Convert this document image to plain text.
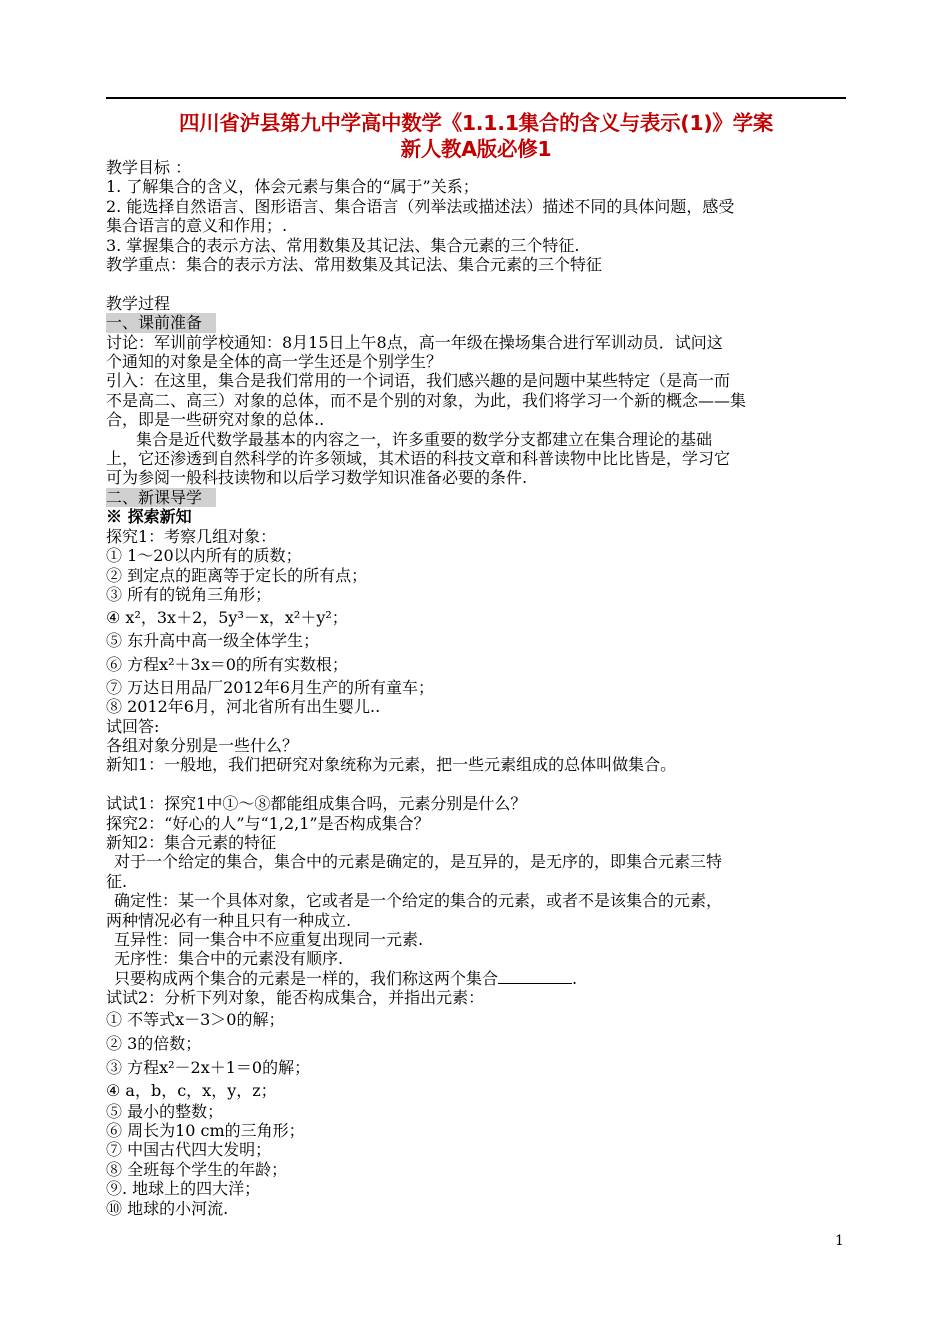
四川省泸县第九中学高中数学《1.1.1集合的含义与表示(1)》学案
新人教A版必修1
教学目标 ：
1. 了解集合的含义，体会元素与集合的“属于”关系；
2. 能选择自然语言、图形语言、集合语言（列举法或描述法）描述不同的具体问题，感受
集合语言的意义和作用；.
3. 掌握集合的表示方法、常用数集及其记法、集合元素的三个特征.
教学重点：集合的表示方法、常用数集及其记法、集合元素的三个特征
教学过程
一、课前准备
讨论：军训前学校通知：8月15日上午8点，高一年级在操场集合进行军训动员．试问这
个通知的对象是全体的高一学生还是个别学生？
引入：在这里，集合是我们常用的一个词语，我们感兴趣的是问题中某些特定（是高一而
不是高二、高三）对象的总体，而不是个别的对象，为此，我们将学习一个新的概念——集
合，即是一些研究对象的总体..
集合是近代数学最基本的内容之一，许多重要的数学分支都建立在集合理论的基础
上，它还渗透到自然科学的许多领域，其术语的科技文章和科普读物中比比皆是，学习它
可为参阅一般科技读物和以后学习数学知识准备必要的条件.
二、新课导学
※ 探索新知
探究1：考察几组对象：
① 1～20以内所有的质数；
② 到定点的距离等于定长的所有点；
③ 所有的锐角三角形；
④ x²，3x＋2，5y³－x，x²＋y²；
⑤ 东升高中高一级全体学生；
⑥ 方程x²＋3x＝0的所有实数根；
⑦ 万达日用品厂2012年6月生产的所有童车；
⑧ 2012年6月，河北省所有出生婴儿..
试回答:
各组对象分别是一些什么？
新知1：一般地，我们把研究对象统称为元素，把一些元素组成的总体叫做集合。
试试1：探究1中①～⑧都能组成集合吗，元素分别是什么？
探究2：“好心的人”与“1,2,1”是否构成集合？
新知2：集合元素的特征
对于一个给定的集合，集合中的元素是确定的，是互异的，是无序的，即集合元素三特
征.
确定性：某一个具体对象，它或者是一个给定的集合的元素，或者不是该集合的元素，
两种情况必有一种且只有一种成立.
互异性：同一集合中不应重复出现同一元素.
无序性：集合中的元素没有顺序.
只要构成两个集合的元素是一样的，我们称这两个集合	.
试试2：分析下列对象，能否构成集合，并指出元素：
① 不等式x－3＞0的解；
② 3的倍数；
③ 方程x²－2x＋1＝0的解；
④ a，b，c，x，y，z；
⑤ 最小的整数；
⑥ 周长为10 cm的三角形；
⑦ 中国古代四大发明；
⑧ 全班每个学生的年龄；
⑨. 地球上的四大洋；
⑩ 地球的小河流.
1
